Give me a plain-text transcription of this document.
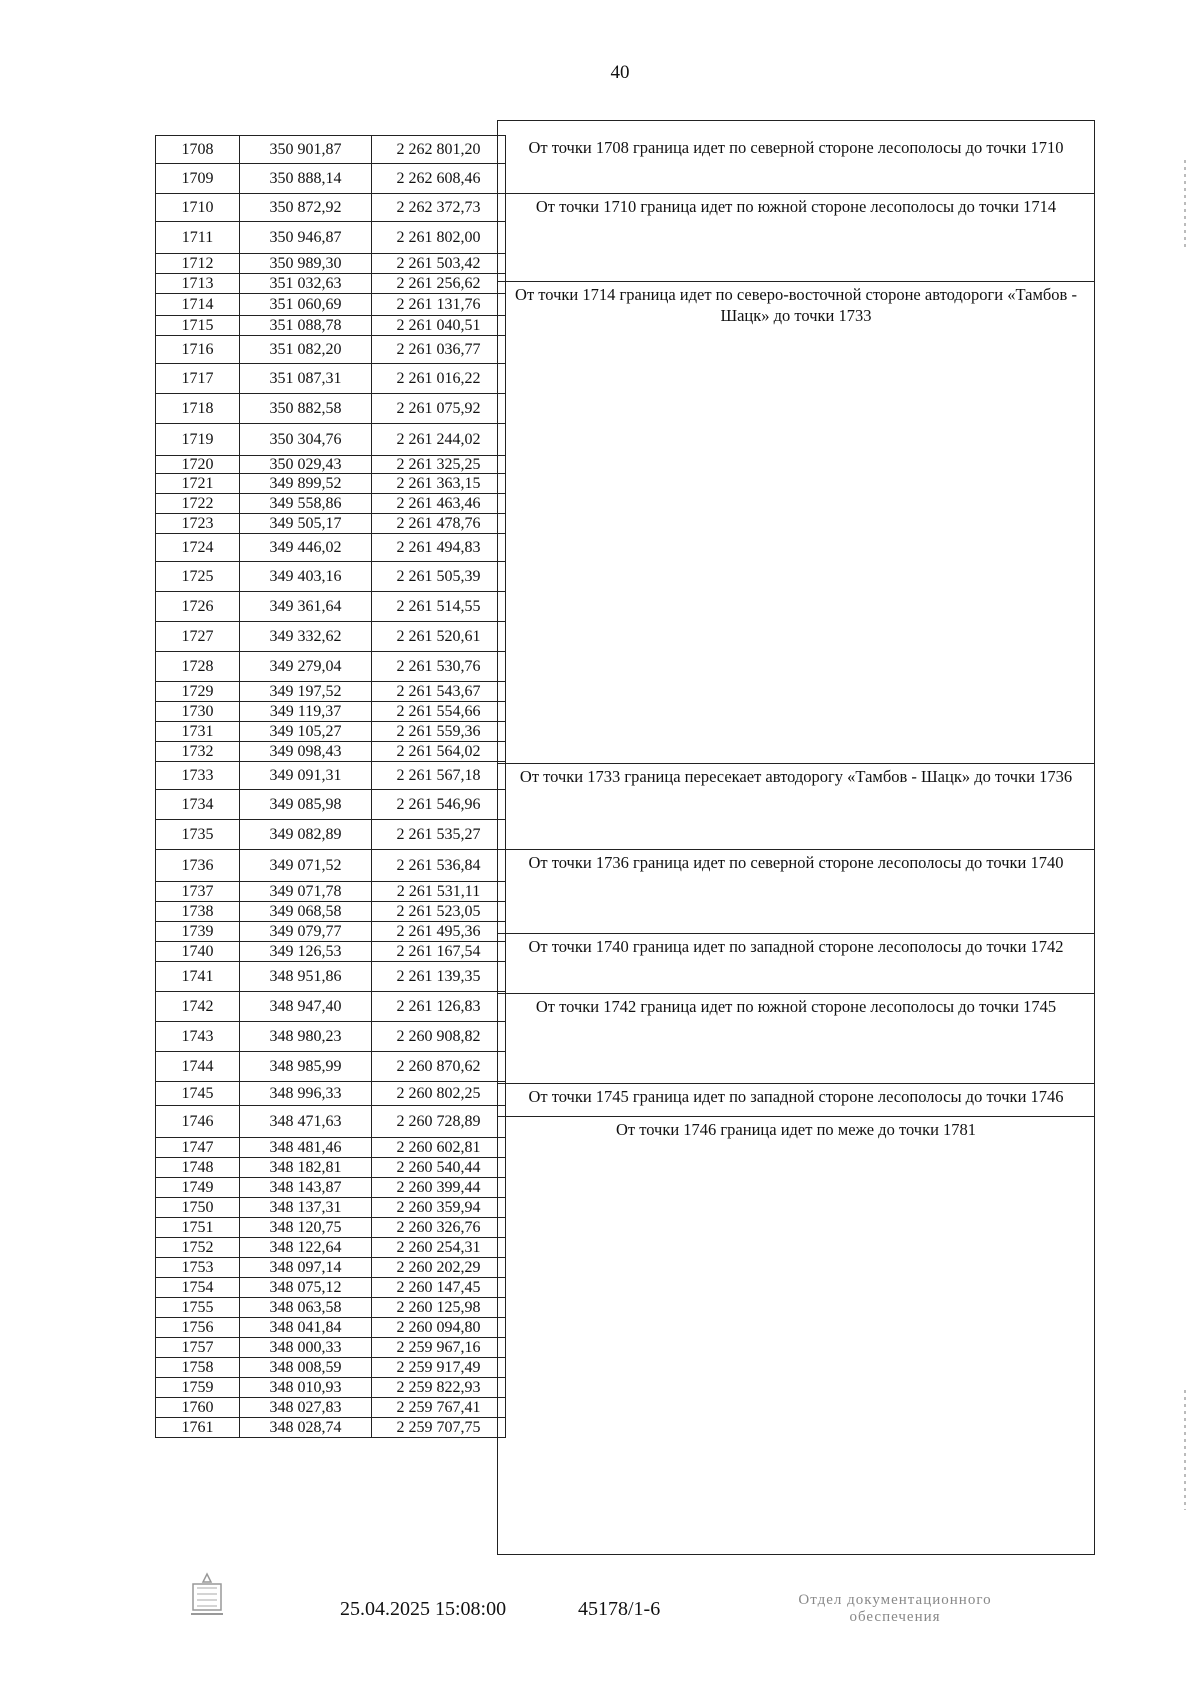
40
1708	350 901,87	2 262 801,20
1709	350 888,14	2 262 608,46
1710	350 872,92	2 262 372,73
1711	350 946,87	2 261 802,00
1712	350 989,30	2 261 503,42
1713	351 032,63	2 261 256,62
1714	351 060,69	2 261 131,76
1715	351 088,78	2 261 040,51
1716	351 082,20	2 261 036,77
1717	351 087,31	2 261 016,22
1718	350 882,58	2 261 075,92
1719	350 304,76	2 261 244,02
1720	350 029,43	2 261 325,25
1721	349 899,52	2 261 363,15
1722	349 558,86	2 261 463,46
1723	349 505,17	2 261 478,76
1724	349 446,02	2 261 494,83
1725	349 403,16	2 261 505,39
1726	349 361,64	2 261 514,55
1727	349 332,62	2 261 520,61
1728	349 279,04	2 261 530,76
1729	349 197,52	2 261 543,67
1730	349 119,37	2 261 554,66
1731	349 105,27	2 261 559,36
1732	349 098,43	2 261 564,02
1733	349 091,31	2 261 567,18
1734	349 085,98	2 261 546,96
1735	349 082,89	2 261 535,27
1736	349 071,52	2 261 536,84
1737	349 071,78	2 261 531,11
1738	349 068,58	2 261 523,05
1739	349 079,77	2 261 495,36
1740	349 126,53	2 261 167,54
1741	348 951,86	2 261 139,35
1742	348 947,40	2 261 126,83
1743	348 980,23	2 260 908,82
1744	348 985,99	2 260 870,62
1745	348 996,33	2 260 802,25
1746	348 471,63	2 260 728,89
1747	348 481,46	2 260 602,81
1748	348 182,81	2 260 540,44
1749	348 143,87	2 260 399,44
1750	348 137,31	2 260 359,94
1751	348 120,75	2 260 326,76
1752	348 122,64	2 260 254,31
1753	348 097,14	2 260 202,29
1754	348 075,12	2 260 147,45
1755	348 063,58	2 260 125,98
1756	348 041,84	2 260 094,80
1757	348 000,33	2 259 967,16
1758	348 008,59	2 259 917,49
1759	348 010,93	2 259 822,93
1760	348 027,83	2 259 767,41
1761	348 028,74	2 259 707,75
От точки 1708 граница идет по северной стороне лесополосы до точки 1710
От точки 1710 граница идет по южной стороне лесополосы до точки 1714
От точки 1714 граница идет по северо-восточной стороне автодороги «Тамбов - Шацк» до точки 1733
От точки 1733 граница пересекает автодорогу «Тамбов - Шацк» до точки 1736
От точки 1736 граница идет по северной стороне лесополосы до точки 1740
От точки 1740 граница идет по западной стороне лесополосы до точки 1742
От точки 1742 граница идет по южной стороне лесополосы до точки 1745
От точки 1745 граница идет по западной стороне лесополосы до точки 1746
От точки 1746 граница идет по меже до точки 1781
25.04.2025 15:08:00	45178/1-6	Отдел документационного
обеспечения
